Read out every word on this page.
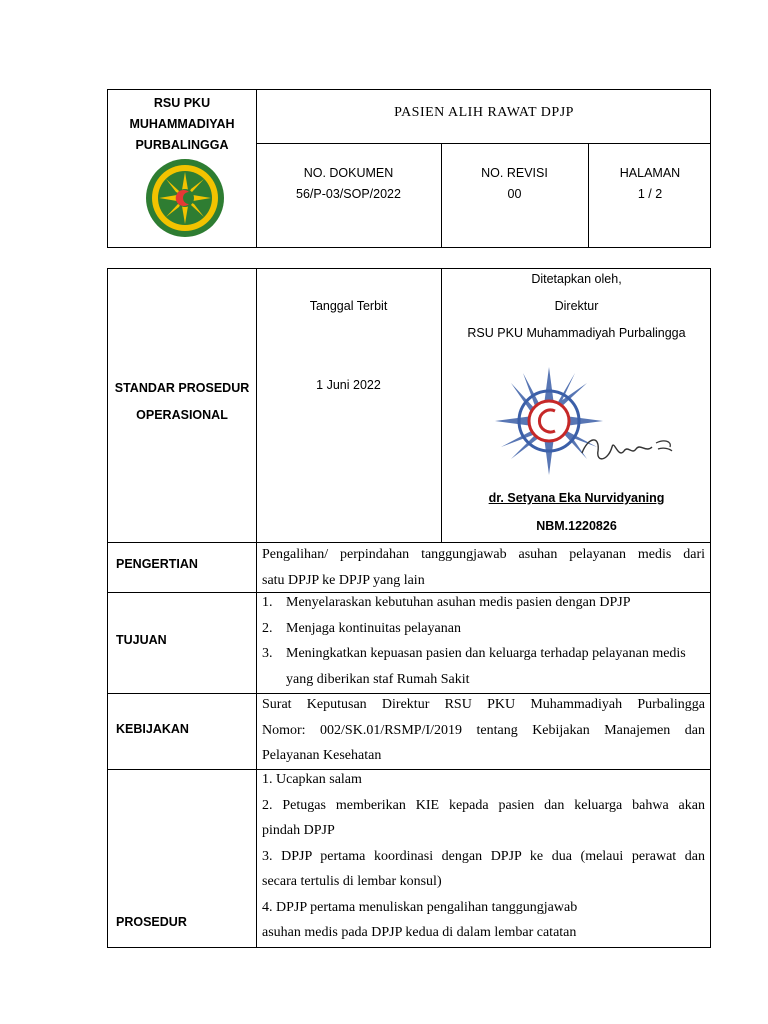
RSU PKU
MUHAMMADIYAH
PURBALINGGA
PASIEN ALIH RAWAT DPJP
NO. DOKUMEN
56/P-03/SOP/2022
NO. REVISI
00
HALAMAN
1 / 2
STANDAR PROSEDUR
OPERASIONAL
Tanggal Terbit
1 Juni 2022
Ditetapkan oleh,
Direktur
RSU PKU Muhammadiyah Purbalingga
dr. Setyana Eka Nurvidyaning
NBM.1220826
PENGERTIAN
Pengalihan/ perpindahan tanggungjawab asuhan pelayanan medis dari
satu DPJP ke DPJP yang lain
TUJUAN
1. Menyelaraskan kebutuhan asuhan medis pasien dengan DPJP
2. Menjaga kontinuitas pelayanan
3. Meningkatkan kepuasan pasien dan keluarga terhadap pelayanan medis
yang diberikan staf Rumah Sakit
KEBIJAKAN
Surat Keputusan Direktur RSU PKU Muhammadiyah Purbalingga
Nomor: 002/SK.01/RSMP/I/2019 tentang Kebijakan Manajemen dan
Pelayanan Kesehatan
PROSEDUR
1. Ucapkan salam
2. Petugas memberikan KIE kepada pasien dan keluarga bahwa akan
pindah DPJP
3. DPJP pertama koordinasi dengan DPJP ke dua (melaui perawat dan
secara tertulis di lembar konsul)
4. DPJP pertama menuliskan pengalihan tanggungjawab
asuhan medis pada DPJP kedua di dalam lembar catatan
